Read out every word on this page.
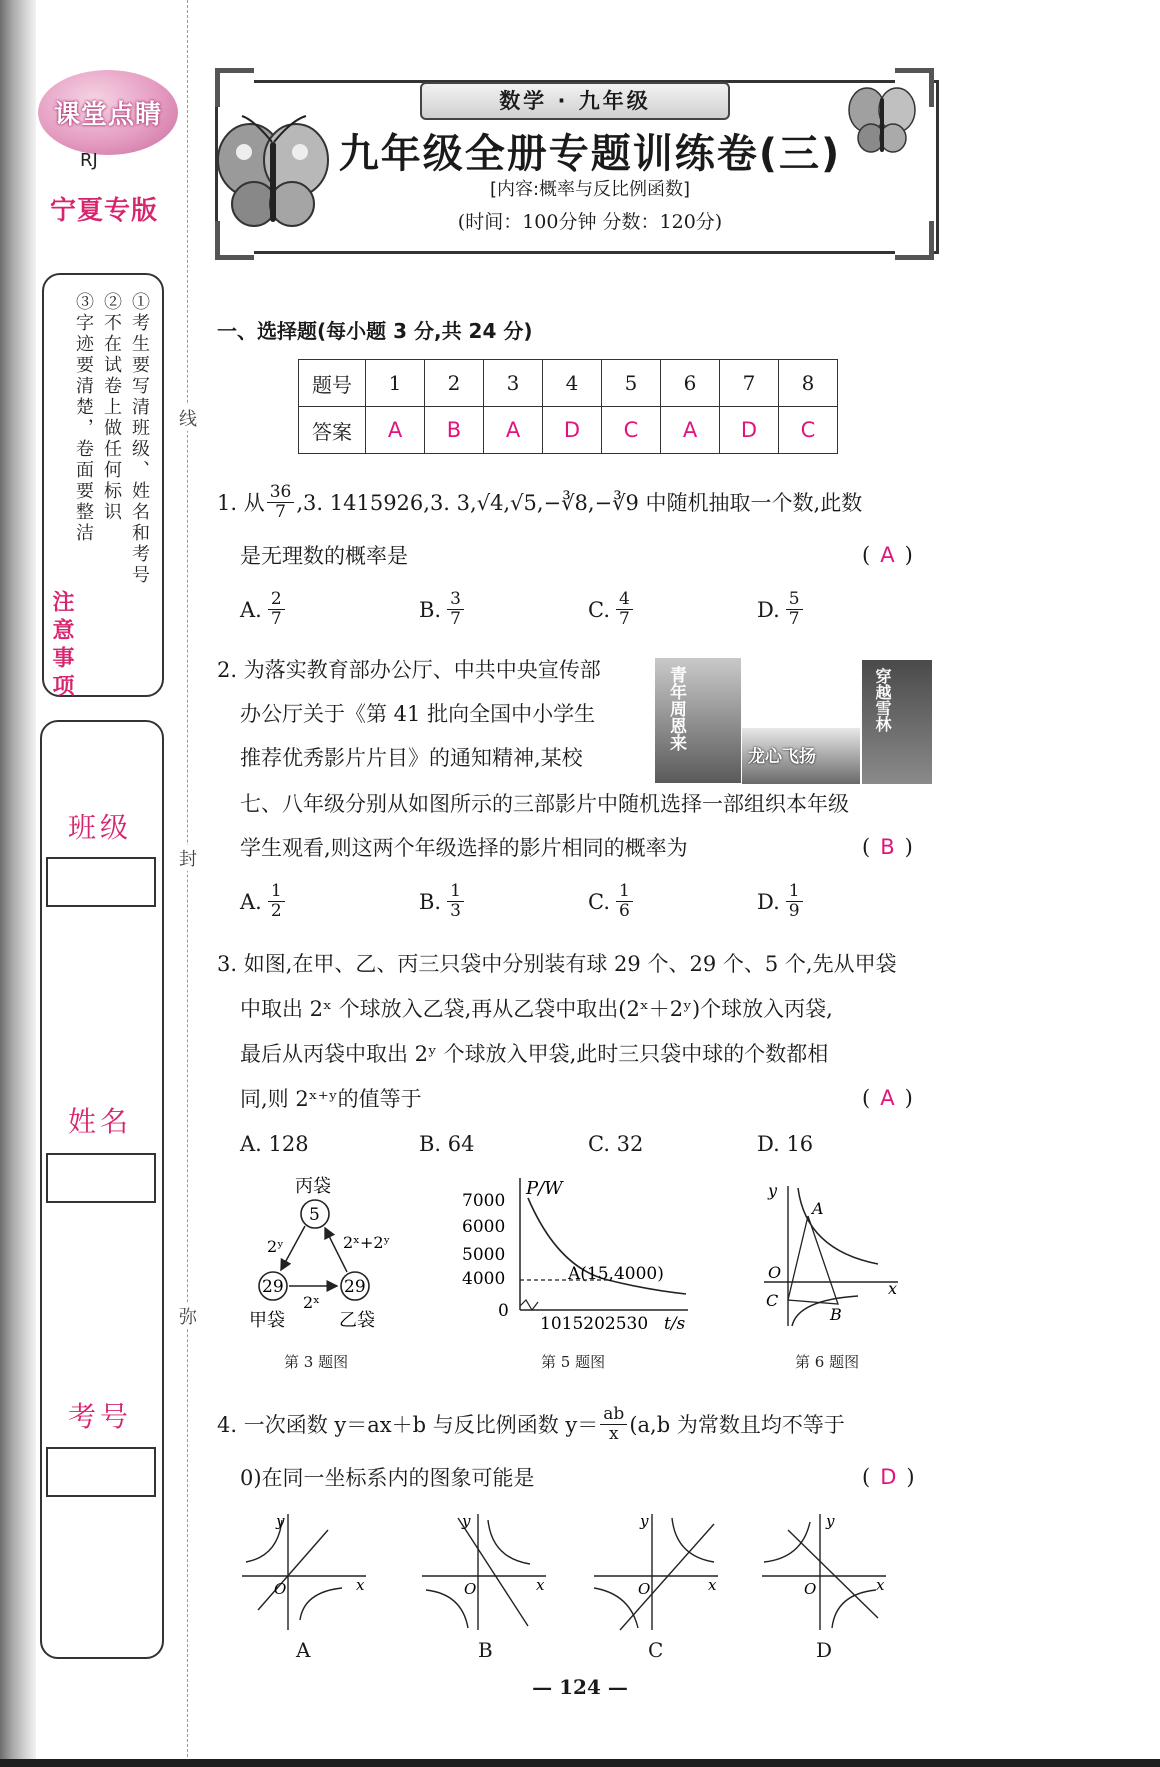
课堂点睛
RJ
宁夏专版
①考生要写清班级、姓名和考号
②不在试卷上做任何标识
③字迹要清楚，卷面要整洁
注意事项
班级
姓名
考号
线
封
弥
数学 · 九年级
九年级全册专题训练卷(三)
[内容:概率与反比例函数]
(时间：100分钟 分数：120分)
一、选择题(每小题 3 分,共 24 分)
题号	1	2	3	4	5	6	7	8
答案	A	B	A	D	C	A	D	C
1. 从 $\frac{36}{7} ,3$. 1415926,3. 3,√4,√5,−∛8,−∛9 中随机抽取一个数,此数
是无理数的概率是	( A )
A. $\frac{2}{7}$	B. $\frac{3}{7}$	C. $\frac{4}{7}$	D. $\frac{5}{7}$
2. 为落实教育部办公厅、中共中央宣传部
办公厅关于《第 41 批向全国中小学生
推荐优秀影片片目》的通知精神,某校
七、八年级分别从如图所示的三部影片中随机选择一部组织本年级
学生观看,则这两个年级选择的影片相同的概率为	( B )
青年周恩来
龙心飞扬
穿越雪林
A. $\frac{1}{2}$	B. $\frac{1}{3}$	C. $\frac{1}{6}$	D. $\frac{1}{9}$
3. 如图,在甲、乙、丙三只袋中分别装有球 29 个、29 个、5 个,先从甲袋
中取出 2ˣ 个球放入乙袋,再从乙袋中取出(2ˣ＋2ʸ)个球放入丙袋,
最后从丙袋中取出 2ʸ 个球放入甲袋,此时三只袋中球的个数都相
同,则 2ˣ⁺ʸ的值等于	( A )
A. 128	B. 64	C. 32	D. 16
丙袋
5
29	29
2ʸ	2ˣ+2ʸ
2ˣ
甲袋	乙袋
第 3 题图
P/W
7000
6000
5000
4000
0
A(15,4000)
1015202530 t/s
第 5 题图
y
x
O
A
C
B
第 6 题图
4. 一次函数 y＝ax＋b 与反比例函数 $y= \frac{ab}{x} (a,b$ 为常数且均不等于
0)在同一坐标系内的图象可能是	( D )
y
x
O
y
x
O
y
x
O
y
x
O
A	B	C	D
— 124 —
